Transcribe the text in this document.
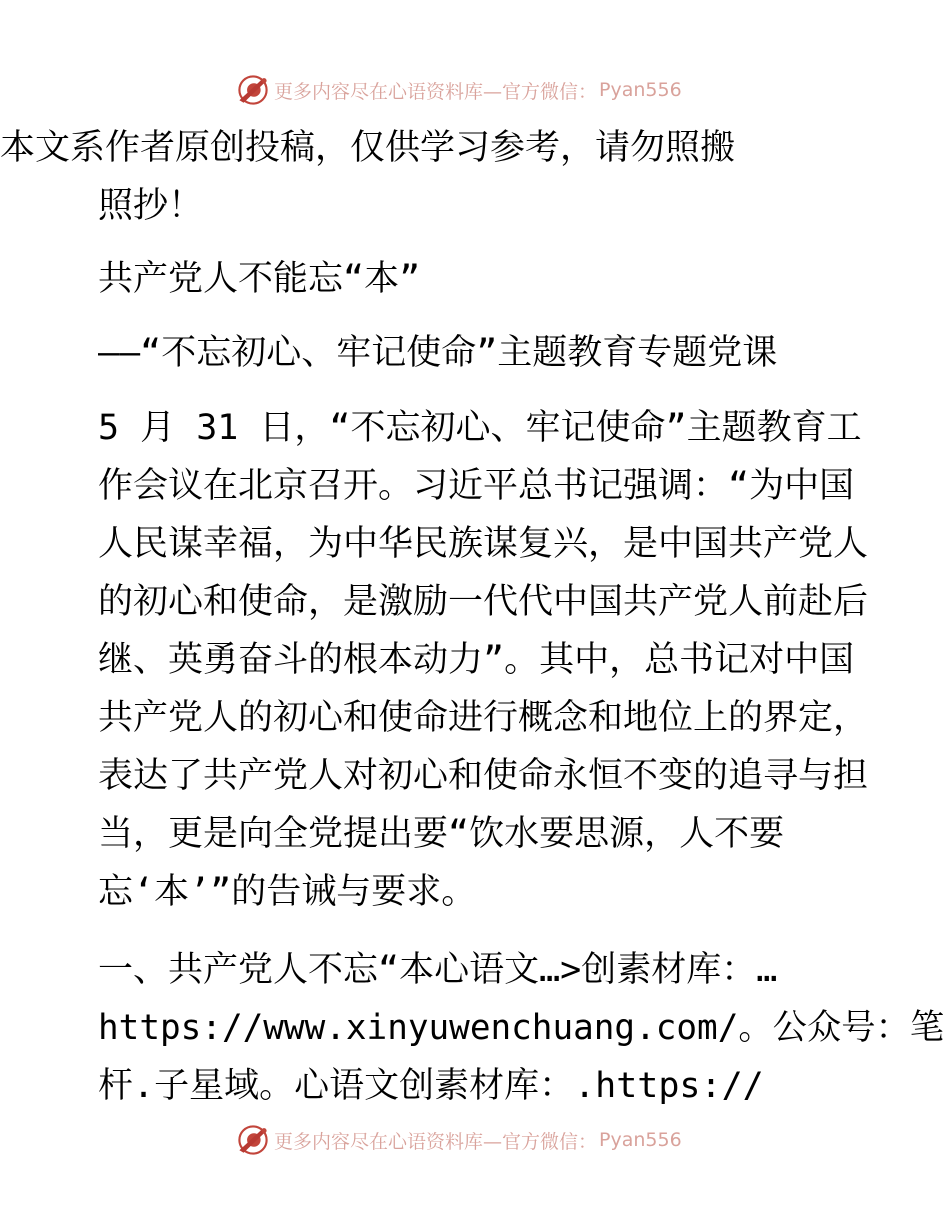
更多内容尽在心语资料库—官方微信： Pyan556
本文系作者原创投稿，仅供学习参考，请勿照搬
照抄！
共产党人不能忘“本”
——“不忘初心、牢记使命”主题教育专题党课
5 月 31 日，“不忘初心、牢记使命”主题教育工
作会议在北京召开。习近平总书记强调：“为中国
人民谋幸福，为中华民族谋复兴，是中国共产党人
的初心和使命，是激励一代代中国共产党人前赴后
继、英勇奋斗的根本动力”。其中，总书记对中国
共产党人的初心和使命进行概念和地位上的界定，
表达了共产党人对初心和使命永恒不变的追寻与担
当，更是向全党提出要“饮水要思源，人不要
忘‘本’”的告诫与要求。
一、共产党人不忘“本心语文…>创素材库：…
https://www.xinyuwenchuang.com/。公众号：笔
杆.子星域。心语文创素材库：.https://
更多内容尽在心语资料库—官方微信： Pyan556
